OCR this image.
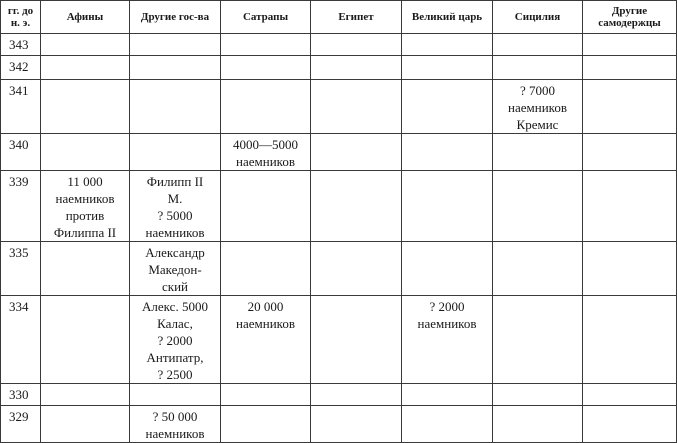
гг. до
н. э.	Афины	Другие гос-ва	Сатрапы	Египет	Великий царь	Сицилия	Другие
самодержцы
343							
342							
341						? 7000
наемников
Кремис	
340			4000—5000
наемников				
339	11 000
наемников
против
Филиппа II	Филипп II
М.
? 5000
наемников					
335		Александр
Македон-
ский					
334		Алекс. 5000
Калас,
? 2000
Антипатр,
? 2500	20 000
наемников		? 2000
наемников		
330							
329		? 50 000
наемников					
